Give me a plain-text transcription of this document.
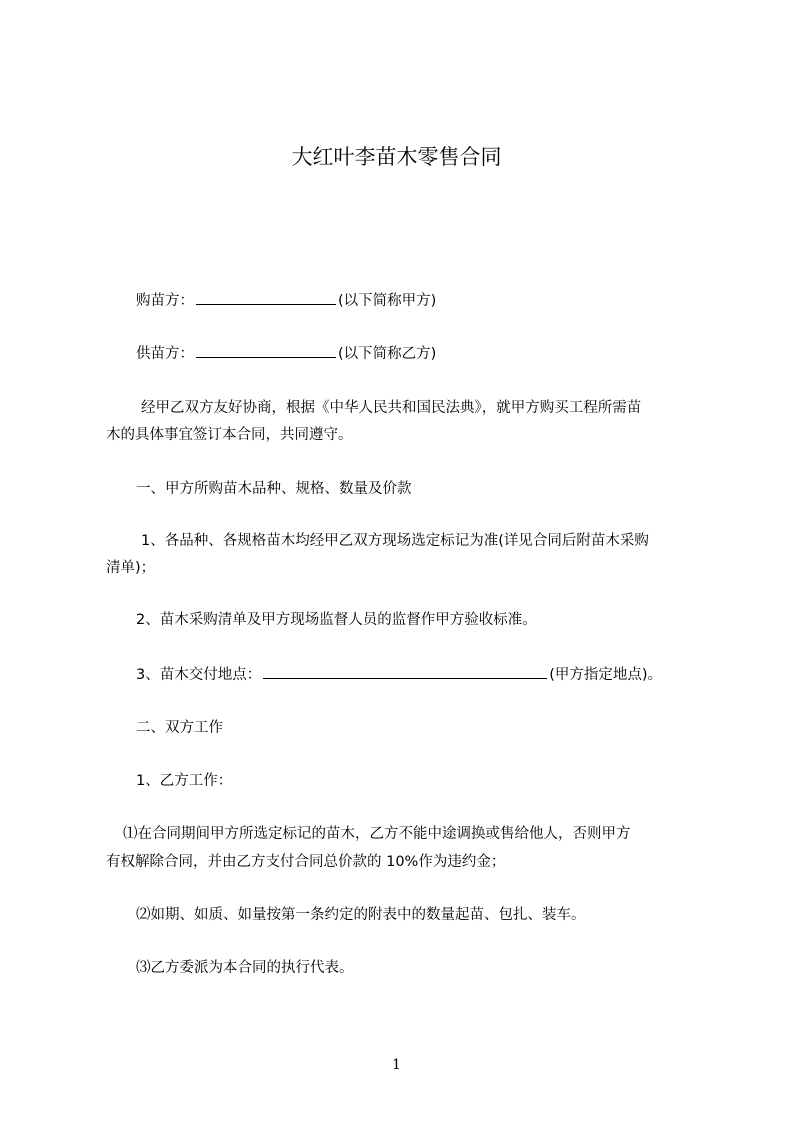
大红叶李苗木零售合同
购苗方：	(以下简称甲方)
供苗方：	(以下简称乙方)
经甲乙双方友好协商，根据《中华人民共和国民法典》，就甲方购买工程所需苗
木的具体事宜签订本合同，共同遵守。
一、甲方所购苗木品种、规格、数量及价款
1、各品种、各规格苗木均经甲乙双方现场选定标记为准(详见合同后附苗木采购
清单)；
2、苗木采购清单及甲方现场监督人员的监督作甲方验收标准。
3、苗木交付地点：	(甲方指定地点)。
二、双方工作
1、乙方工作：
⑴在合同期间甲方所选定标记的苗木，乙方不能中途调换或售给他人，否则甲方
有权解除合同，并由乙方支付合同总价款的 10%作为违约金；
⑵如期、如质、如量按第一条约定的附表中的数量起苗、包扎、装车。
⑶乙方委派为本合同的执行代表。
1
